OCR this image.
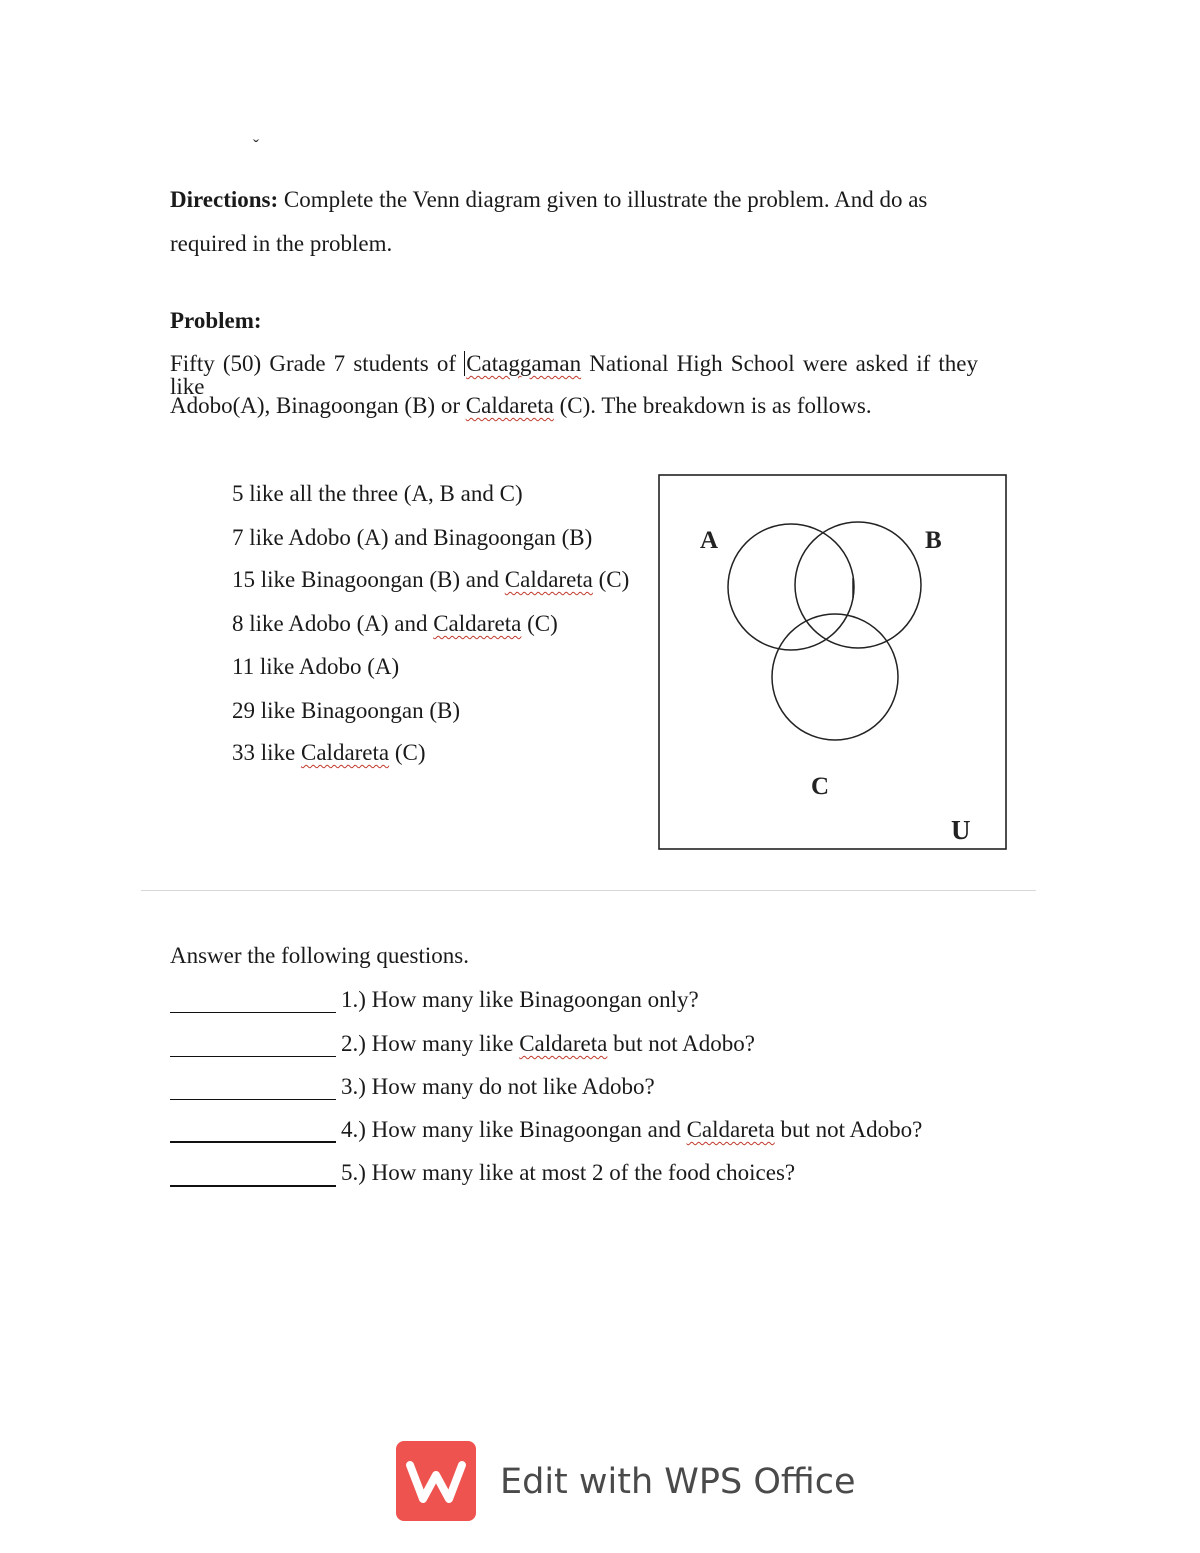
ˇ
Directions: Complete the Venn diagram given to illustrate the problem. And do as required in the problem.
Problem:
Fifty (50) Grade 7 students of Cataggaman National High School were asked if they like
Adobo(A), Binagoongan (B) or Caldareta (C). The breakdown is as follows.
5 like all the three (A, B and C)
7 like Adobo (A) and Binagoongan (B)
15 like Binagoongan (B) and Caldareta (C)
8 like Adobo (A) and Caldareta (C)
11 like Adobo (A)
29 like Binagoongan (B)
33 like Caldareta (C)
A	B
C
U
Answer the following questions.
1.) How many like Binagoongan only?
2.) How many like Caldareta but not Adobo?
3.) How many do not like Adobo?
4.) How many like Binagoongan and Caldareta but not Adobo?
5.) How many like at most 2 of the food choices?
Edit with WPS Office
